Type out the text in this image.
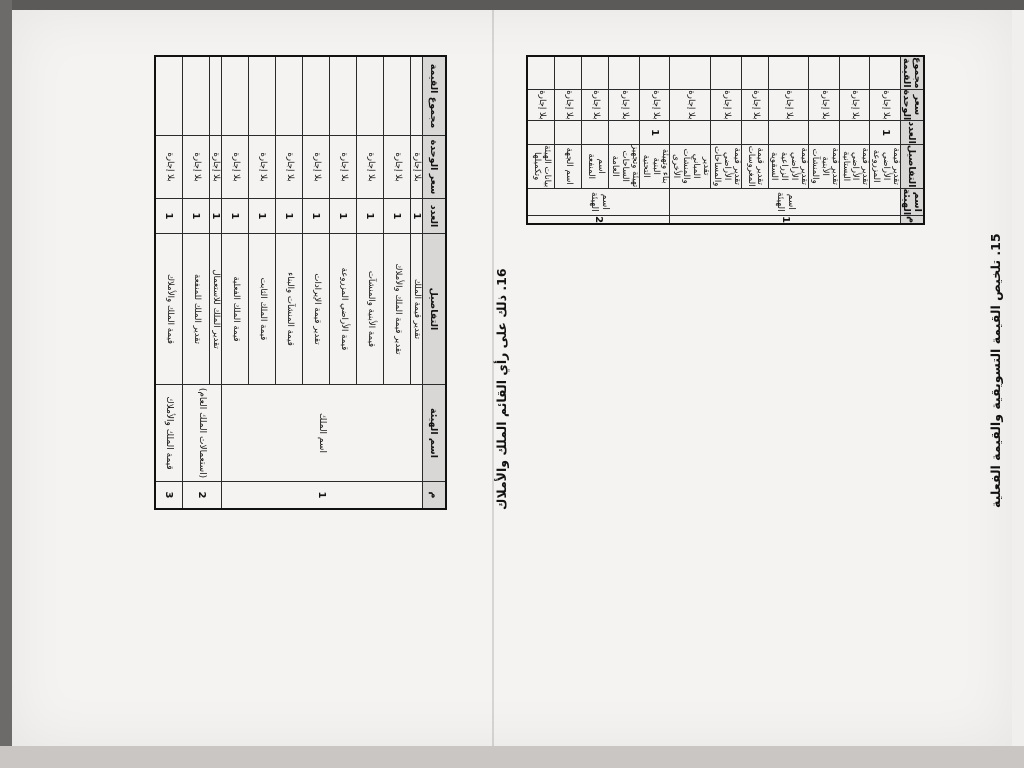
م	اسم الهيئة	التفاصيل	العدد	سعر الوحدة	مجموع القيمة
1	اسم الهيئة	تقدير قيمة الأراضي المزروعة	1	بلا إجارة	
		تقدير قيمة الأراضي البستانية		بلا إجارة	
		تقدير قيمة الأبنية والمنشآت		بلا إجارة	
		تقدير قيمة الأراضي الزراعية السقوية		بلا إجارة	
		تقدير قيمة المغروسات		بلا إجارة	
		تقدير قيمة الأراضي والمساحات		بلا إجارة	
		تقدير المباني والمنشآت الأخرى		بلا إجارة	
2	اسم الهيئة	بناء وتهيئة البنية التحتية	1	بلا إجارة	
		تهيئة وتجهيز الساحات العامة		بلا إجارة	
		اسم المنفعة		بلا إجارة	
		اسم الجهة		بلا إجارة	
		بيانات الهيئة وتكميلها		بلا إجارة	
15. تلخيص القيمة التسويقية والقيمة الفعلية
م	اسم الهيئة	التفاصيل	العدد	سعر الوحدة	مجموع القيمة
1	اسم الملك	تقدير قيمة الملك	1	بلا إجارة	
		تقدير قيمة الملك والأملاك	1	بلا إجارة	
		قيمة الأبنية والمنشآت	1	بلا إجارة	
		قيمة الأراضي المزروعة	1	بلا إجارة	
		تقدير قيمة الإيرادات	1	بلا إجارة	
		قيمة المنشآت والبناء	1	بلا إجارة	
		قيمة الملك الثابت	1	بلا إجارة	
		قيمة الملك الفعلية	1	بلا إجارة	
2	(استعمالات الملك العام)	تقدير الملك للاستعمال	1	بلا إجارة	
		تقدير الملك للمنفعة	1	بلا إجارة	
3	قيمة الملك والأملاك	قيمة الملك والأملاك	1	بلا إجارة	
16. ذلك على رأي القائم الملك والأملاك
